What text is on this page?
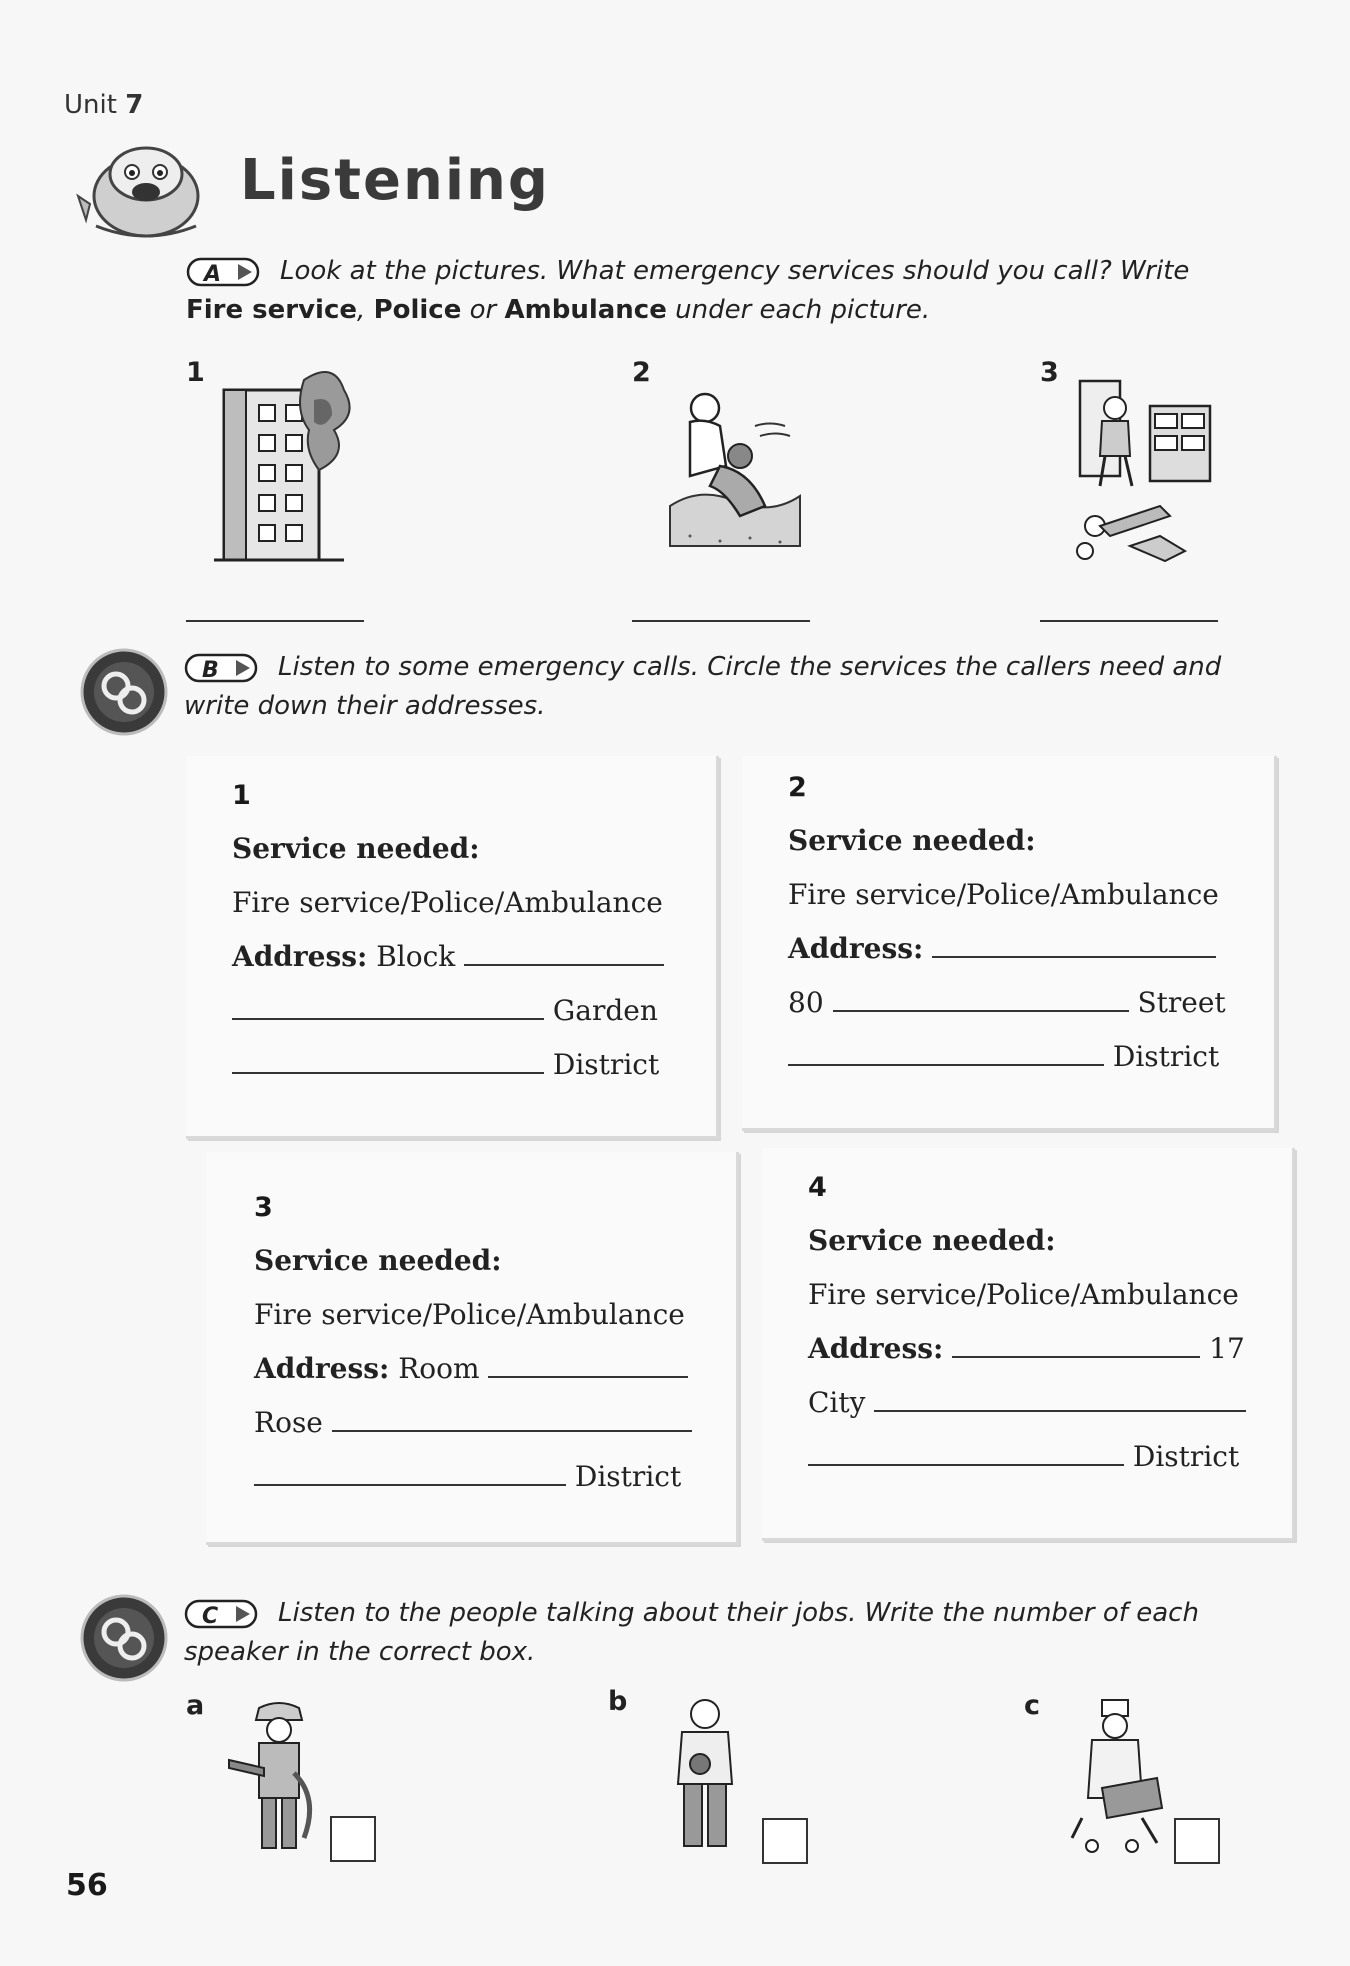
Unit 7
Listening
A Look at the pictures. What emergency services should you call? Write Fire service, Police or Ambulance under each picture.
1	2	3
B Listen to some emergency calls. Circle the services the callers need and write down their addresses.
1
Service needed:
Fire service/Police/Ambulance
Address: Block
Garden
District
2
Service needed:
Fire service/Police/Ambulance
Address:
80	Street
District
3
Service needed:
Fire service/Police/Ambulance
Address: Room
Rose
District
4
Service needed:
Fire service/Police/Ambulance
Address:	17
City
District
C Listen to the people talking about their jobs. Write the number of each speaker in the correct box.
a	b	c
56
